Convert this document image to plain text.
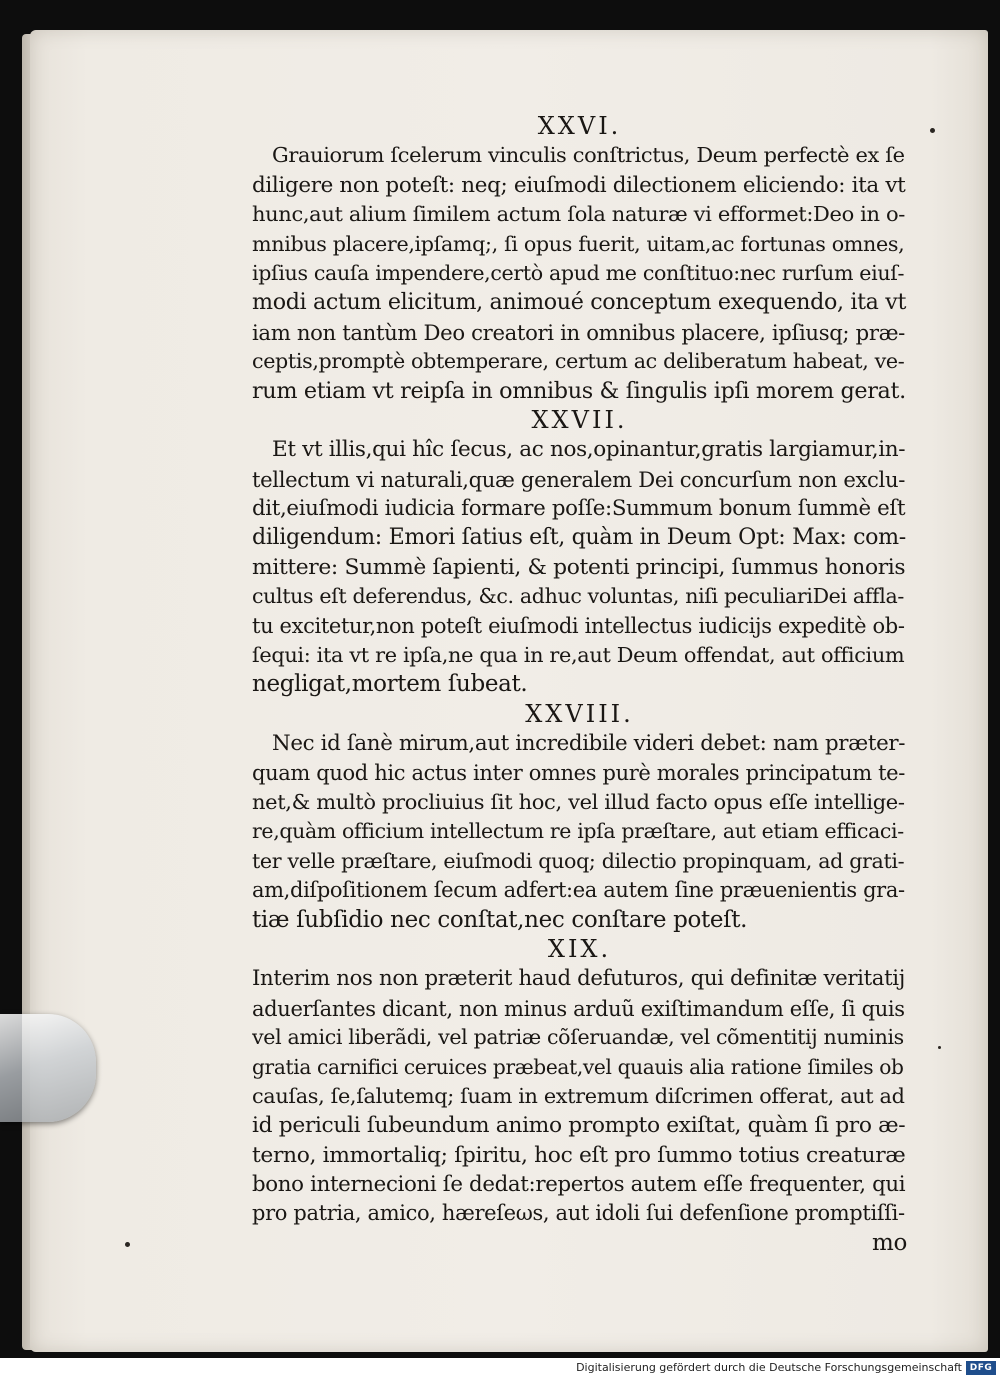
XXVI.
Grauiorum ſcelerum vinculis conſtrictus, Deum perfectè ex ſe
diligere non poteſt: neq; eiuſmodi dilectionem eliciendo: ita vt
hunc,aut alium ſimilem actum ſola naturæ vi efformet:Deo in o-
mnibus placere,ipſamq;, ſi opus fuerit, uitam,ac fortunas omnes,
ipſius cauſa impendere,certò apud me conſtituo:nec rurſum eiuſ-
modi actum elicitum, animoué conceptum exequendo, ita vt
iam non tantùm Deo creatori in omnibus placere, ipſiusq; præ-
ceptis,promptè obtemperare, certum ac deliberatum habeat, ve-
rum etiam vt reipſa in omnibus & ſingulis ipſi morem gerat.
XXVII.
Et vt illis,qui hîc ſecus, ac nos,opinantur,gratis largiamur,in-
tellectum vi naturali,quæ generalem Dei concurſum non exclu-
dit,eiuſmodi iudicia formare poſſe:Summum bonum ſummè eſt
diligendum: Emori ſatius eſt, quàm in Deum Opt: Max: com-
mittere: Summè ſapienti, & potenti principi, ſummus honoris
cultus eſt deferendus, &c. adhuc voluntas, niſi peculiariDei affla-
tu excitetur,non poteſt eiuſmodi intellectus iudicijs expeditè ob-
ſequi: ita vt re ipſa,ne qua in re,aut Deum offendat, aut officium
negligat,mortem ſubeat.
XXVIII.
Nec id ſanè mirum,aut incredibile videri debet: nam præter-
quam quod hic actus inter omnes purè morales principatum te-
net,& multò procliuius ſit hoc, vel illud facto opus eſſe intellige-
re,quàm officium intellectum re ipſa præſtare, aut etiam efficaci-
ter velle præſtare, eiuſmodi quoq; dilectio propinquam, ad grati-
am,diſpoſitionem ſecum adfert:ea autem ſine præuenientis gra-
tiæ ſubſidio nec conſtat,nec conſtare poteſt.
XIX.
Interim nos non præterit haud defuturos, qui definitæ veritatij
aduerſantes dicant, non minus arduũ exiſtimandum eſſe, ſi quis
vel amici liberãdi, vel patriæ cõſeruandæ, vel cõmentitij numinis
gratia carnifici ceruices præbeat,vel quauis alia ratione ſimiles ob
cauſas, ſe,ſalutemq; ſuam in extremum diſcrimen offerat, aut ad
id periculi ſubeundum animo prompto exiſtat, quàm ſi pro æ-
terno, immortaliq; ſpiritu, hoc eſt pro ſummo totius creaturæ
bono internecioni ſe dedat:repertos autem eſſe frequenter, qui
pro patria, amico, hæreſeωs, aut idoli ſui defenſione promptiſſi-
mo
Digitalisierung gefördert durch die Deutsche Forschungsgemeinschaft DFG
